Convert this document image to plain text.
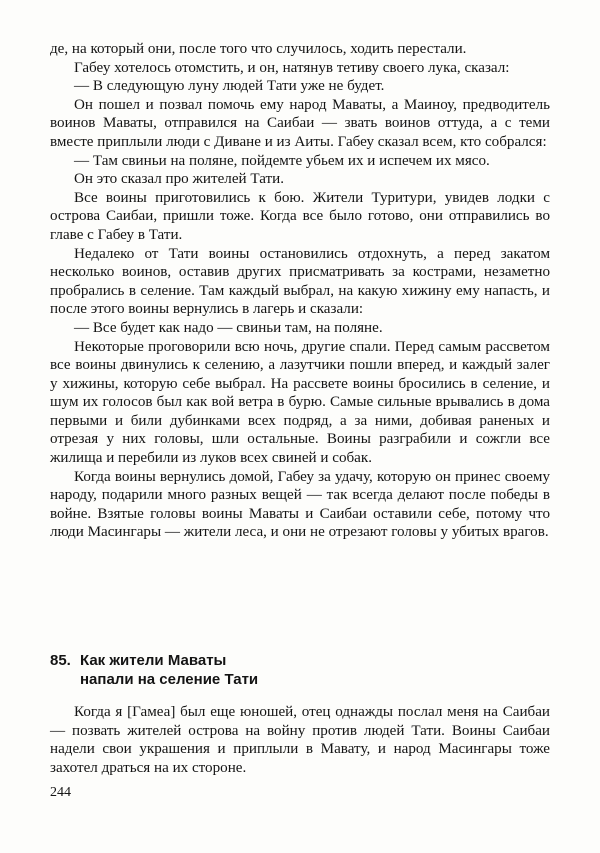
де, на который они, после того что случилось, ходить перестали.

Габеу хотелось отомстить, и он, натянув тетиву своего лука, сказал:

— В следующую луну людей Тати уже не будет.

Он пошел и позвал помочь ему народ Маваты, а Маиноу, предводитель воинов Маваты, отправился на Саибаи — звать воинов оттуда, а с теми вместе приплыли люди с Диване и из Аиты. Габеу сказал всем, кто собрался:

— Там свиньи на поляне, пойдемте убьем их и испечем их мясо.

Он это сказал про жителей Тати.

Все воины приготовились к бою. Жители Туритури, увидев лодки с острова Саибаи, пришли тоже. Когда все было готово, они отправились во главе с Габеу в Тати.

Недалеко от Тати воины остановились отдохнуть, а перед закатом несколько воинов, оставив других присматривать за кострами, незаметно пробрались в селение. Там каждый выбрал, на какую хижину ему напасть, и после этого воины вернулись в лагерь и сказали:

— Все будет как надо — свиньи там, на поляне.

Некоторые проговорили всю ночь, другие спали. Перед самым рассветом все воины двинулись к селению, а лазутчики пошли вперед, и каждый залег у хижины, которую себе выбрал. На рассвете воины бросились в селение, и шум их голосов был как вой ветра в бурю. Самые сильные врывались в дома первыми и били дубинками всех подряд, а за ними, добивая раненых и отрезая у них головы, шли остальные. Воины разграбили и сожгли все жилища и перебили из луков всех свиней и собак.

Когда воины вернулись домой, Габеу за удачу, которую он принес своему народу, подарили много разных вещей — так всегда делают после победы в войне. Взятые головы воины Маваты и Саибаи оставили себе, потому что люди Масингары — жители леса, и они не отрезают головы у убитых врагов.

85. Как жители Маваты
напали на селение Тати

Когда я [Гамеа] был еще юношей, отец однажды послал меня на Саибаи — позвать жителей острова на войну против людей Тати. Воины Саибаи надели свои украшения и приплыли в Мавату, и народ Масингары тоже захотел драться на их стороне.

244
